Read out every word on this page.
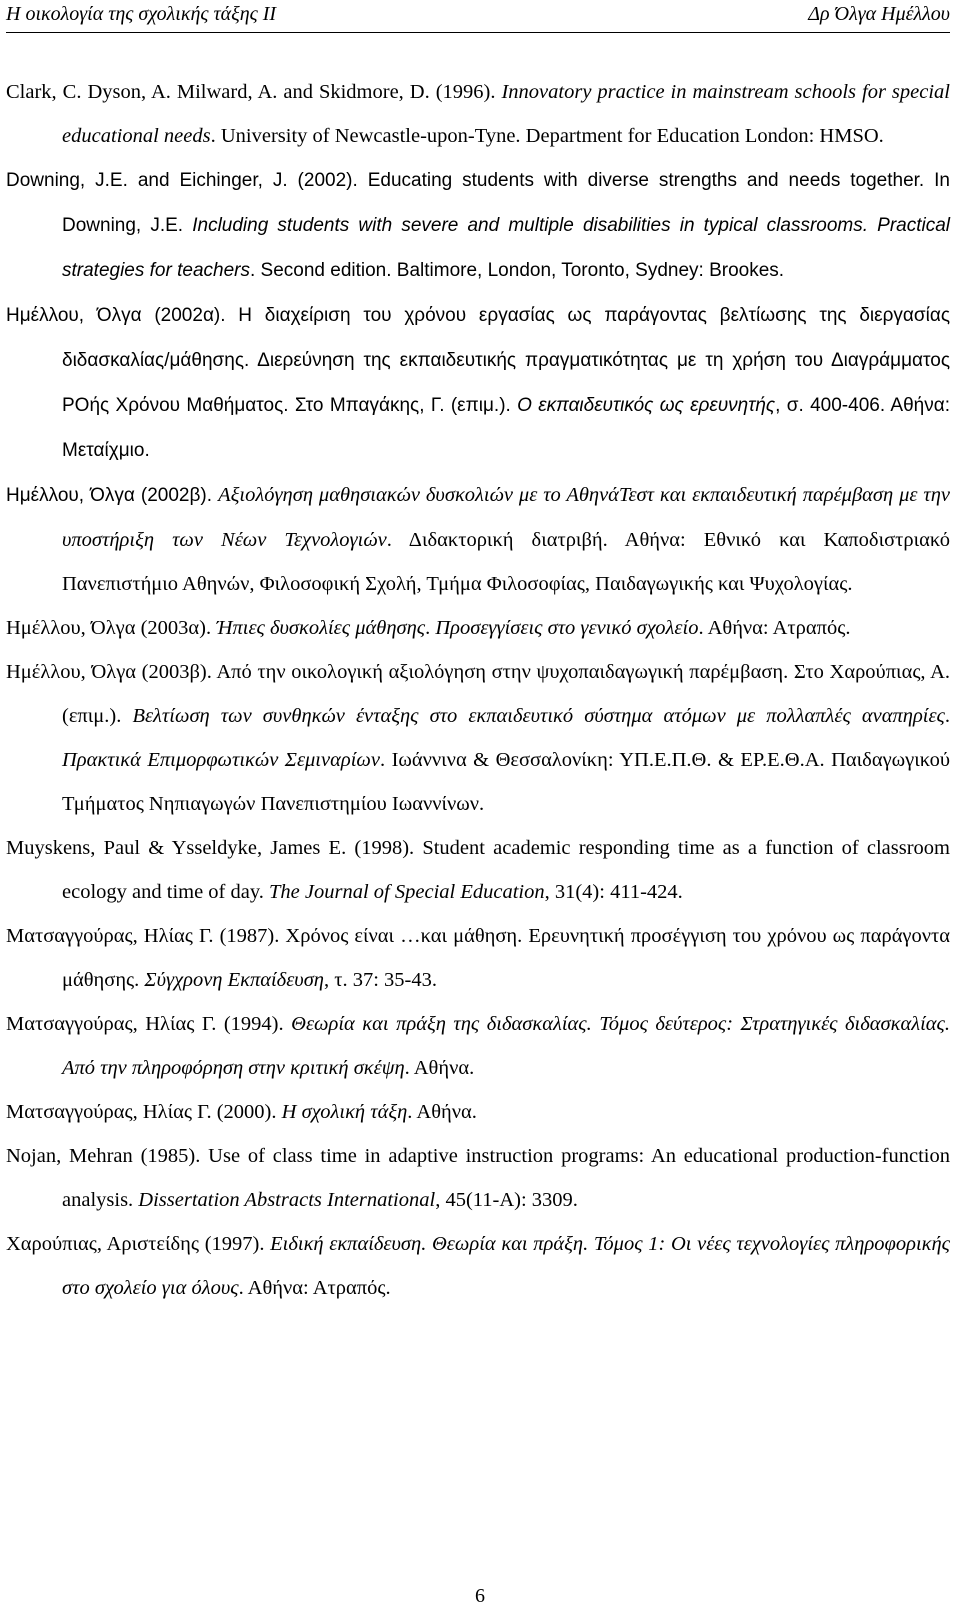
Η οικολογία της σχολικής τάξης ΙΙ	Δρ Όλγα Ημέλλου

Clark, C. Dyson, A. Milward, A. and Skidmore, D. (1996). Innovatory practice in mainstream schools for special educational needs. University of Newcastle-upon-Tyne. Department for Education London: HMSO.

Downing, J.E. and Eichinger, J. (2002). Educating students with diverse strengths and needs together. In Downing, J.E. Including students with severe and multiple disabilities in typical classrooms. Practical strategies for teachers. Second edition. Baltimore, London, Toronto, Sydney: Brookes.

Ημέλλου, Όλγα (2002α). Η διαχείριση του χρόνου εργασίας ως παράγοντας βελτίωσης της διεργασίας διδασκαλίας/μάθησης. Διερεύνηση της εκπαιδευτικής πραγματικότητας με τη χρήση του Διαγράμματος ΡΟής Χρόνου Μαθήματος. Στο Μπαγάκης, Γ. (επιμ.). Ο εκπαιδευτικός ως ερευνητής, σ. 400-406. Αθήνα: Μεταίχμιο.

Ημέλλου, Όλγα (2002β). Αξιολόγηση μαθησιακών δυσκολιών με το ΑθηνάΤεστ και εκπαιδευτική παρέμβαση με την υποστήριξη των Νέων Τεχνολογιών. Διδακτορική διατριβή. Αθήνα: Εθνικό και Καποδιστριακό Πανεπιστήμιο Αθηνών, Φιλοσοφική Σχολή, Τμήμα Φιλοσοφίας, Παιδαγωγικής και Ψυχολογίας.

Ημέλλου, Όλγα (2003α). Ήπιες δυσκολίες μάθησης. Προσεγγίσεις στο γενικό σχολείο. Αθήνα: Ατραπός.

Ημέλλου, Όλγα (2003β). Από την οικολογική αξιολόγηση στην ψυχοπαιδαγωγική παρέμβαση. Στο Χαρούπιας, Α. (επιμ.). Βελτίωση των συνθηκών ένταξης στο εκπαιδευτικό σύστημα ατόμων με πολλαπλές αναπηρίες. Πρακτικά Επιμορφωτικών Σεμιναρίων. Ιωάννινα & Θεσσαλονίκη: ΥΠ.Ε.Π.Θ. & ΕΡ.Ε.Θ.Α. Παιδαγωγικού Τμήματος Νηπιαγωγών Πανεπιστημίου Ιωαννίνων.

Muyskens, Paul & Ysseldyke, James E. (1998). Student academic responding time as a function of classroom ecology and time of day. The Journal of Special Education, 31(4): 411-424.

Ματσαγγούρας, Ηλίας Γ. (1987). Χρόνος είναι …και μάθηση. Ερευνητική προσέγγιση του χρόνου ως παράγοντα μάθησης. Σύγχρονη Εκπαίδευση, τ. 37: 35-43.

Ματσαγγούρας, Ηλίας Γ. (1994). Θεωρία και πράξη της διδασκαλίας. Τόμος δεύτερος: Στρατηγικές διδασκαλίας. Από την πληροφόρηση στην κριτική σκέψη. Αθήνα.

Ματσαγγούρας, Ηλίας Γ. (2000). Η σχολική τάξη. Αθήνα.

Nojan, Mehran (1985). Use of class time in adaptive instruction programs: An educational production-function analysis. Dissertation Abstracts International, 45(11-A): 3309.

Χαρούπιας, Αριστείδης (1997). Ειδική εκπαίδευση. Θεωρία και πράξη. Τόμος 1: Οι νέες τεχνολογίες πληροφορικής στο σχολείο για όλους. Αθήνα: Ατραπός.

6
